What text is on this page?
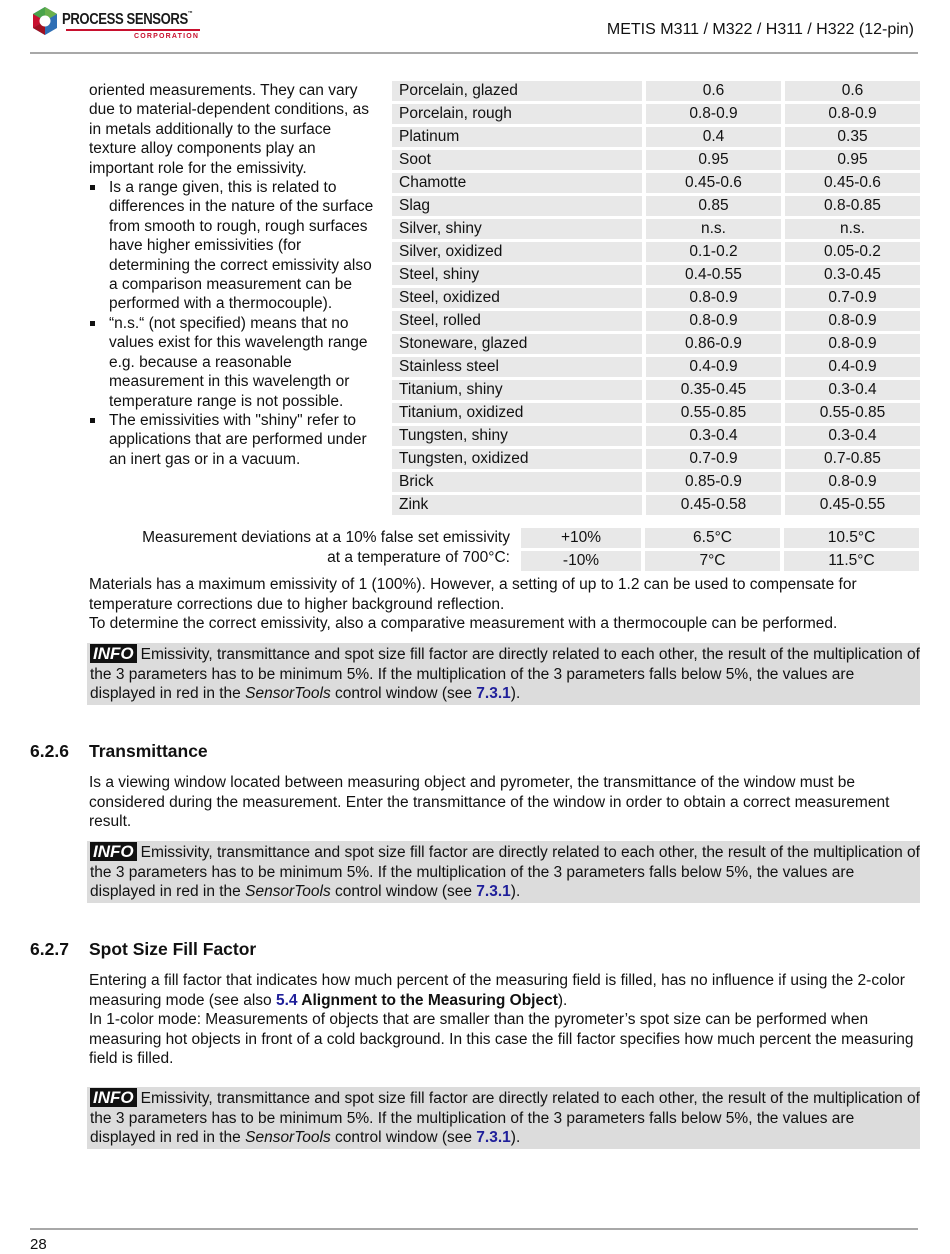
PROCESS SENSORS™
CORPORATION	METIS M311 / M322 / H311 / H322 (12-pin)

oriented measurements. They can vary due to material-dependent conditions, as in metals additionally to the surface texture alloy components play an important role for the emissivity.

Is a range given, this is related to differences in the nature of the surface from smooth to rough, rough surfaces have higher emissivities (for determining the correct emissivity also a comparison measurement can be performed with a thermocouple).
“n.s.“ (not specified) means that no values exist for this wavelength range e.g. because a reasonable measurement in this wavelength or temperature range is not possible.
The emissivities with "shiny" refer to applications that are performed under an inert gas or in a vacuum.
Porcelain, glazed	0.6	0.6
Porcelain, rough	0.8-0.9	0.8-0.9
Platinum	0.4	0.35
Soot	0.95	0.95
Chamotte	0.45-0.6	0.45-0.6
Slag	0.85	0.8-0.85
Silver, shiny	n.s.	n.s.
Silver, oxidized	0.1-0.2	0.05-0.2
Steel, shiny	0.4-0.55	0.3-0.45
Steel, oxidized	0.8-0.9	0.7-0.9
Steel, rolled	0.8-0.9	0.8-0.9
Stoneware, glazed	0.86-0.9	0.8-0.9
Stainless steel	0.4-0.9	0.4-0.9
Titanium, shiny	0.35-0.45	0.3-0.4
Titanium, oxidized	0.55-0.85	0.55-0.85
Tungsten, shiny	0.3-0.4	0.3-0.4
Tungsten, oxidized	0.7-0.9	0.7-0.85
Brick	0.85-0.9	0.8-0.9
Zink	0.45-0.58	0.45-0.55
Measurement deviations at a 10% false set emissivity
at a temperature of 700°C:
+10%	6.5°C	10.5°C
-10%	7°C	11.5°C

Materials has a maximum emissivity of 1 (100%). However, a setting of up to 1.2 can be used to compensate for temperature corrections due to higher background reflection.

To determine the correct emissivity, also a comparative measurement with a thermocouple can be performed.

INFO Emissivity, transmittance and spot size fill factor are directly related to each other, the result of the multiplication of the 3 parameters has to be minimum 5%. If the multiplication of the 3 parameters falls below 5%, the values are displayed in red in the SensorTools control window (see 7.3.1).
6.2.6 Transmittance

Is a viewing window located between measuring object and pyrometer, the transmittance of the window must be considered during the measurement. Enter the transmittance of the window in order to obtain a correct measurement result.

INFO Emissivity, transmittance and spot size fill factor are directly related to each other, the result of the multiplication of the 3 parameters has to be minimum 5%. If the multiplication of the 3 parameters falls below 5%, the values are displayed in red in the SensorTools control window (see 7.3.1).
6.2.7 Spot Size Fill Factor

Entering a fill factor that indicates how much percent of the measuring field is filled, has no influence if using the 2-color measuring mode (see also 5.4 Alignment to the Measuring Object).

In 1-color mode: Measurements of objects that are smaller than the pyrometer’s spot size can be performed when measuring hot objects in front of a cold background. In this case the fill factor specifies how much percent the measuring field is filled.

INFO Emissivity, transmittance and spot size fill factor are directly related to each other, the result of the multiplication of the 3 parameters has to be minimum 5%. If the multiplication of the 3 parameters falls below 5%, the values are displayed in red in the SensorTools control window (see 7.3.1).
28
